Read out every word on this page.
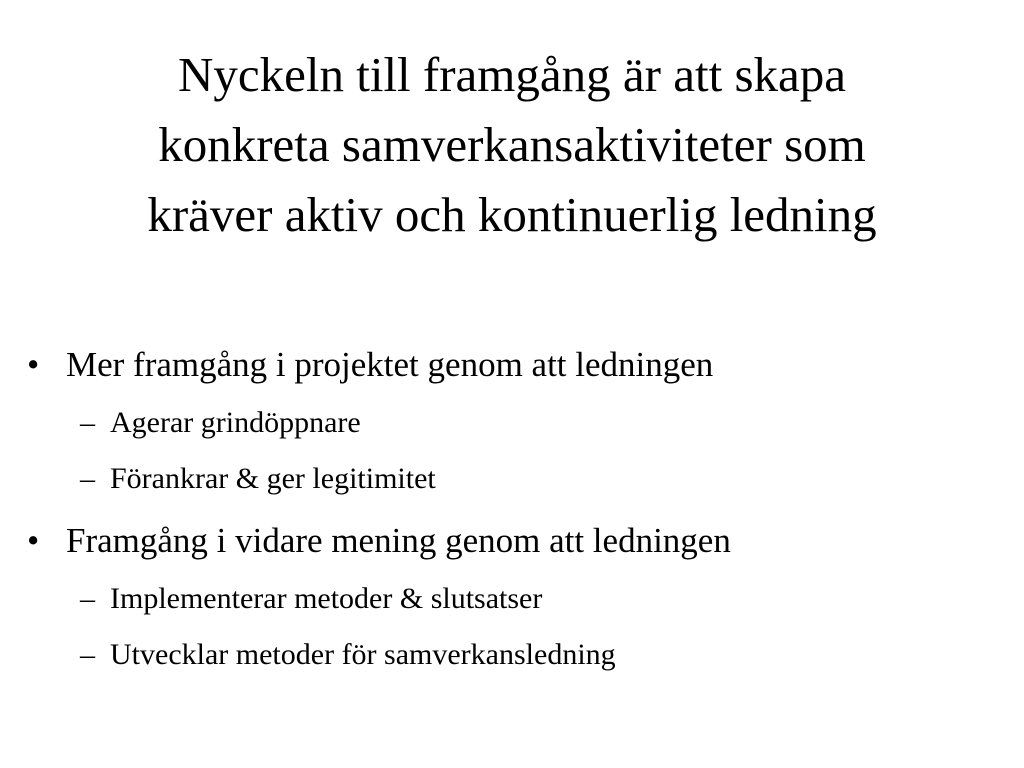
Nyckeln till framgång är att skapa
konkreta samverkansaktiviteter som
kräver aktiv och kontinuerlig ledning
• Mer framgång i projektet genom att ledningen
– Agerar grindöppnare
– Förankrar & ger legitimitet
• Framgång i vidare mening genom att ledningen
– Implementerar metoder & slutsatser
– Utvecklar metoder för samverkansledning
